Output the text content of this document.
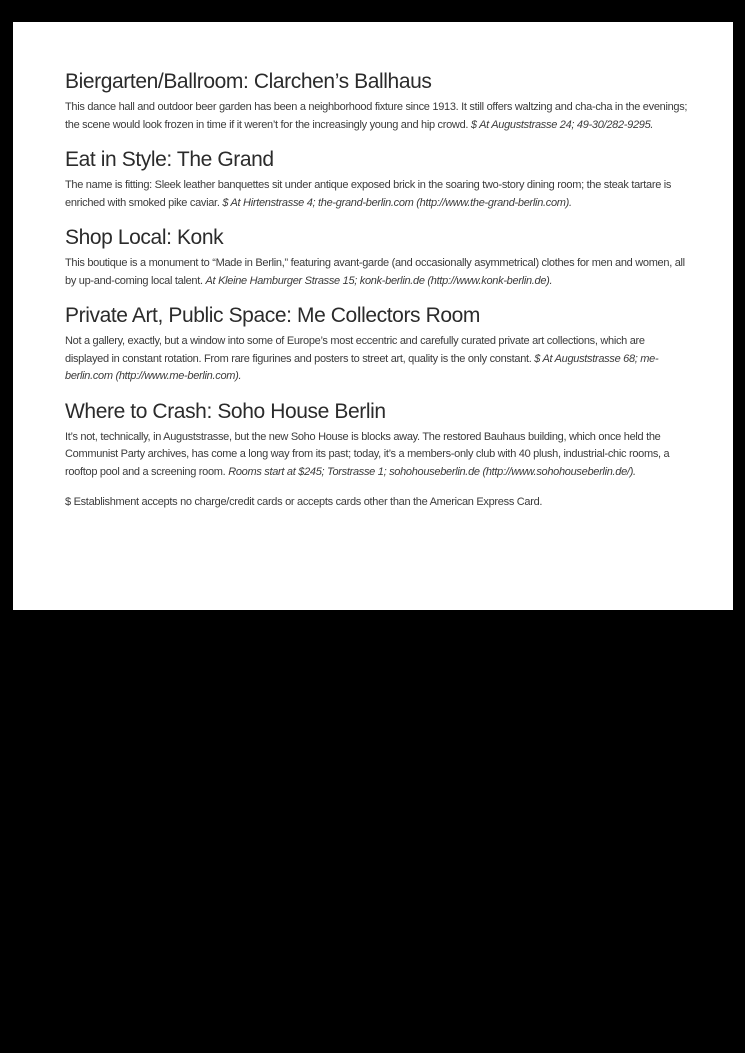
Biergarten/Ballroom: Clarchen’s Ballhaus

This dance hall and outdoor beer garden has been a neighborhood fixture since 1913. It still offers waltzing and cha-cha in the evenings; the scene would look frozen in time if it weren’t for the increasingly young and hip crowd. $ At Auguststrasse 24; 49-30/282-9295.

Eat in Style: The Grand

The name is fitting: Sleek leather banquettes sit under antique exposed brick in the soaring two-story dining room; the steak tartare is enriched with smoked pike caviar. $ At Hirtenstrasse 4; the-grand-berlin.com (http://www.the-grand-berlin.com).

Shop Local: Konk

This boutique is a monument to “Made in Berlin,” featuring avant-garde (and occasionally asymmetrical) clothes for men and women, all by up-and-coming local talent. At Kleine Hamburger Strasse 15; konk-berlin.de (http://www.konk-berlin.de).

Private Art, Public Space: Me Collectors Room

Not a gallery, exactly, but a window into some of Europe’s most eccentric and carefully curated private art collections, which are displayed in constant rotation. From rare figurines and posters to street art, quality is the only constant. $ At Auguststrasse 68; me-berlin.com (http://www.me-berlin.com).

Where to Crash: Soho House Berlin

It’s not, technically, in Auguststrasse, but the new Soho House is blocks away. The restored Bauhaus building, which once held the Communist Party archives, has come a long way from its past; today, it’s a members-only club with 40 plush, industrial-chic rooms, a rooftop pool and a screening room. Rooms start at $245; Torstrasse 1; sohohouseberlin.de (http://​www.sohohouseberlin.de/).

$ Establishment accepts no charge/credit cards or accepts cards other than the American Express Card.
